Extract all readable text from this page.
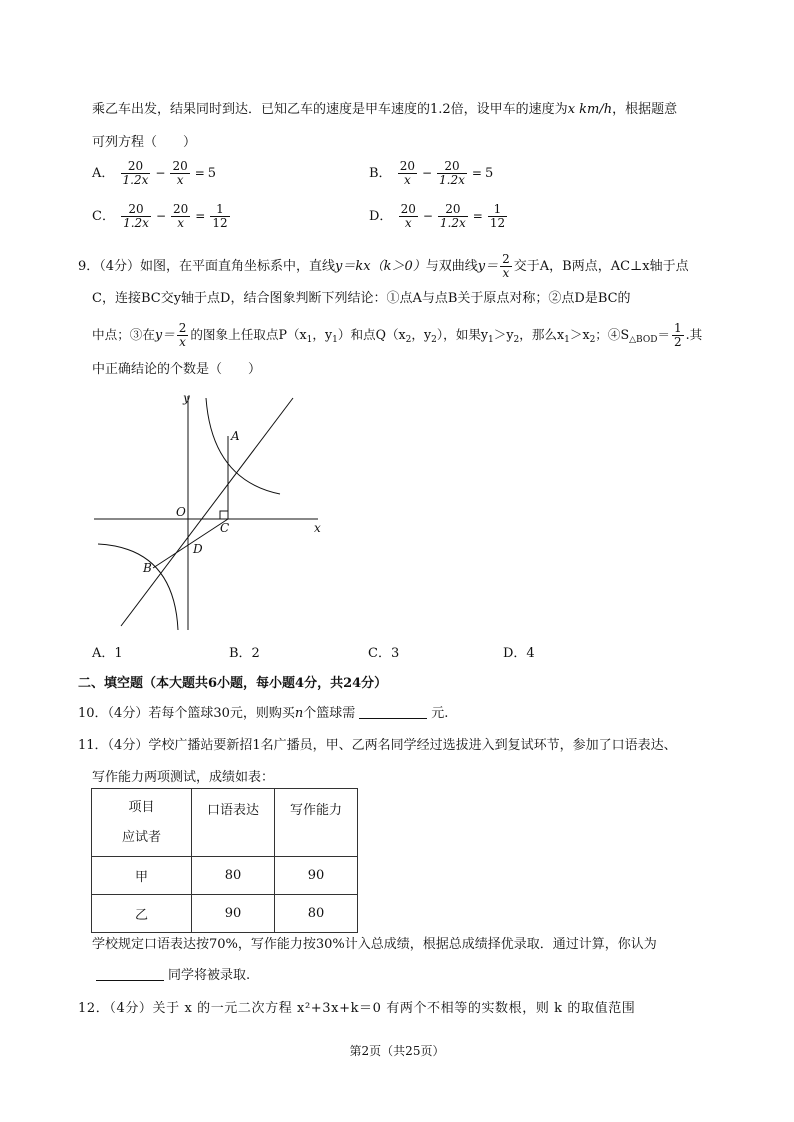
乘乙车出发，结果同时到达．已知乙车的速度是甲车速度的1.2倍，设甲车的速度为x km/h，根据题意
可列方程（　　）
A． $\frac{20}{1.2x} - \frac{20}{x} = 5$	B． $\frac{20}{x} - \frac{20}{1.2x} = 5$
C． $\frac{20}{1.2x} - \frac{20}{x} = \frac{1}{12}$	D． $\frac{20}{x} - \frac{20}{1.2x} = \frac{1}{12}$
9．（4分）如图，在平面直角坐标系中，直线y＝kx（k＞0）与双曲线$y= \frac{2}{x}$ 交于A，B两点，AC⊥x轴于点
C，连接BC交y轴于点D，结合图象判断下列结论：①点A与点B关于原点对称；②点D是BC的
中点；③在$y= \frac{2}{x}$ 的图象上任取点$P(x_1$，$y_1$）和点$Q(x_2$，$y_2$），如果$y_1>y_2$，那么$x_1>x_2$；$④S_{\triangle BOD}= \frac{1}{2}$ .其
中正确结论的个数是（　　）
y
x
O
A
B
C
D
A．1	B．2	C．3	D．4
二、填空题（本大题共6小题，每小题4分，共24分）
10．（4分）若每个篮球30元，则购买n个篮球需	元.
11．（4分）学校广播站要新招1名广播员，甲、乙两名同学经过选拔进入到复试环节，参加了口语表达、
写作能力两项测试，成绩如表：
项目
应试者	口语表达	写作能力
甲	80	90
乙	90	80
学校规定口语表达按70%，写作能力按30%计入总成绩，根据总成绩择优录取．通过计算，你认为
同学将被录取.
12．（4分）关于 x 的一元二次方程 x²+3x+k＝0 有两个不相等的实数根，则 k 的取值范围
第2页（共25页）
